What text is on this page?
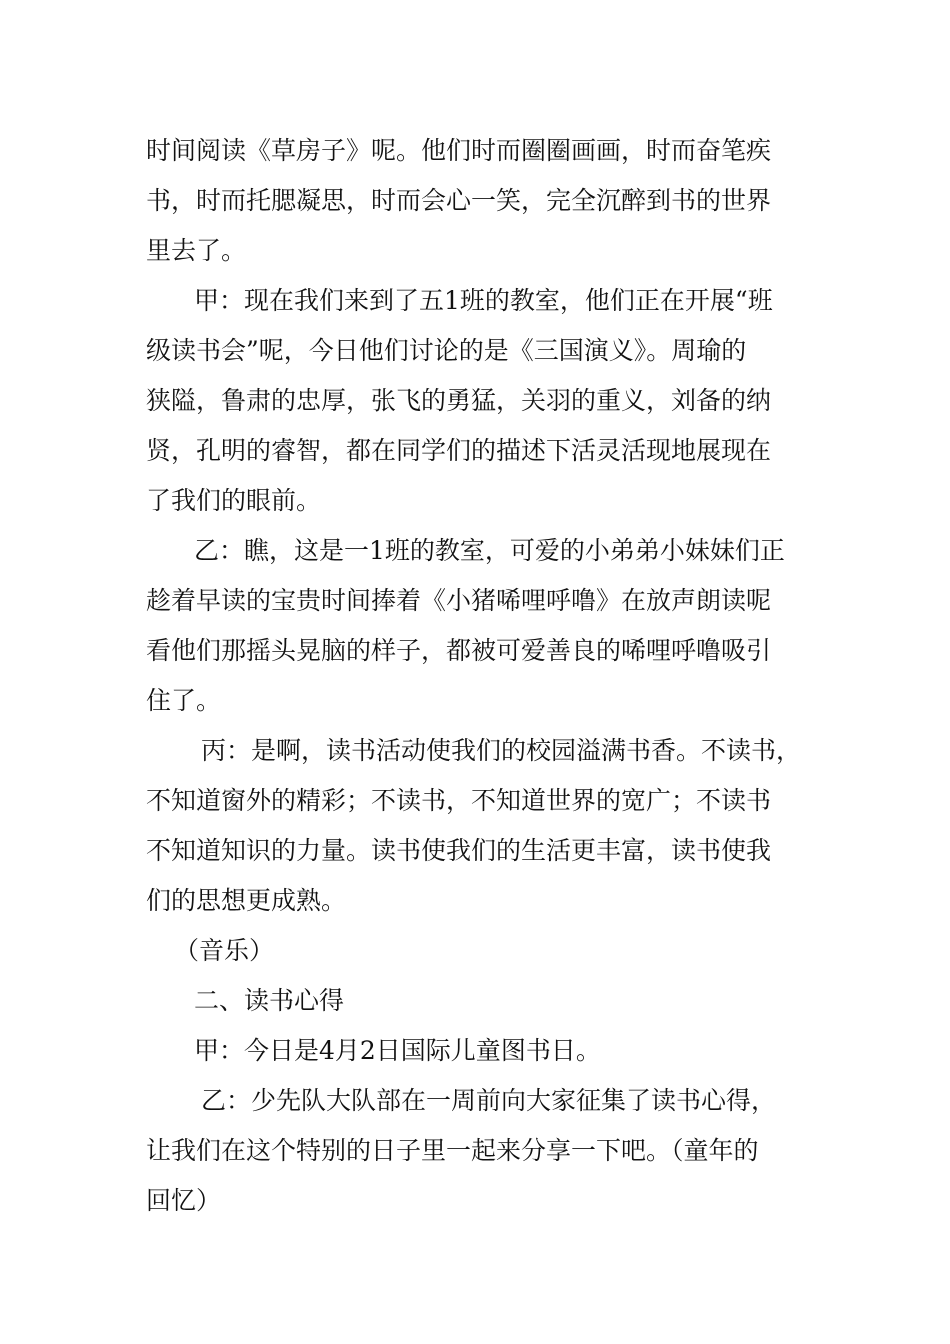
时间阅读《草房子》呢。他们时而圈圈画画，时而奋笔疾
书，时而托腮凝思，时而会心一笑，完全沉醉到书的世界
里去了。
甲：现在我们来到了五1班的教室，他们正在开展“班
级读书会”呢，今日他们讨论的是《三国演义》。周瑜的
狭隘，鲁肃的忠厚，张飞的勇猛，关羽的重义，刘备的纳
贤，孔明的睿智，都在同学们的描述下活灵活现地展现在
了我们的眼前。
乙：瞧，这是一1班的教室，可爱的小弟弟小妹妹们正
趁着早读的宝贵时间捧着《小猪唏哩呼噜》在放声朗读呢
看他们那摇头晃脑的样子，都被可爱善良的唏哩呼噜吸引
住了。
丙：是啊，读书活动使我们的校园溢满书香。不读书，
不知道窗外的精彩；不读书，不知道世界的宽广；不读书
不知道知识的力量。读书使我们的生活更丰富，读书使我
们的思想更成熟。
（音乐）
二、读书心得
甲：今日是4月2日国际儿童图书日。
乙：少先队大队部在一周前向大家征集了读书心得，
让我们在这个特别的日子里一起来分享一下吧。（童年的
回忆）
